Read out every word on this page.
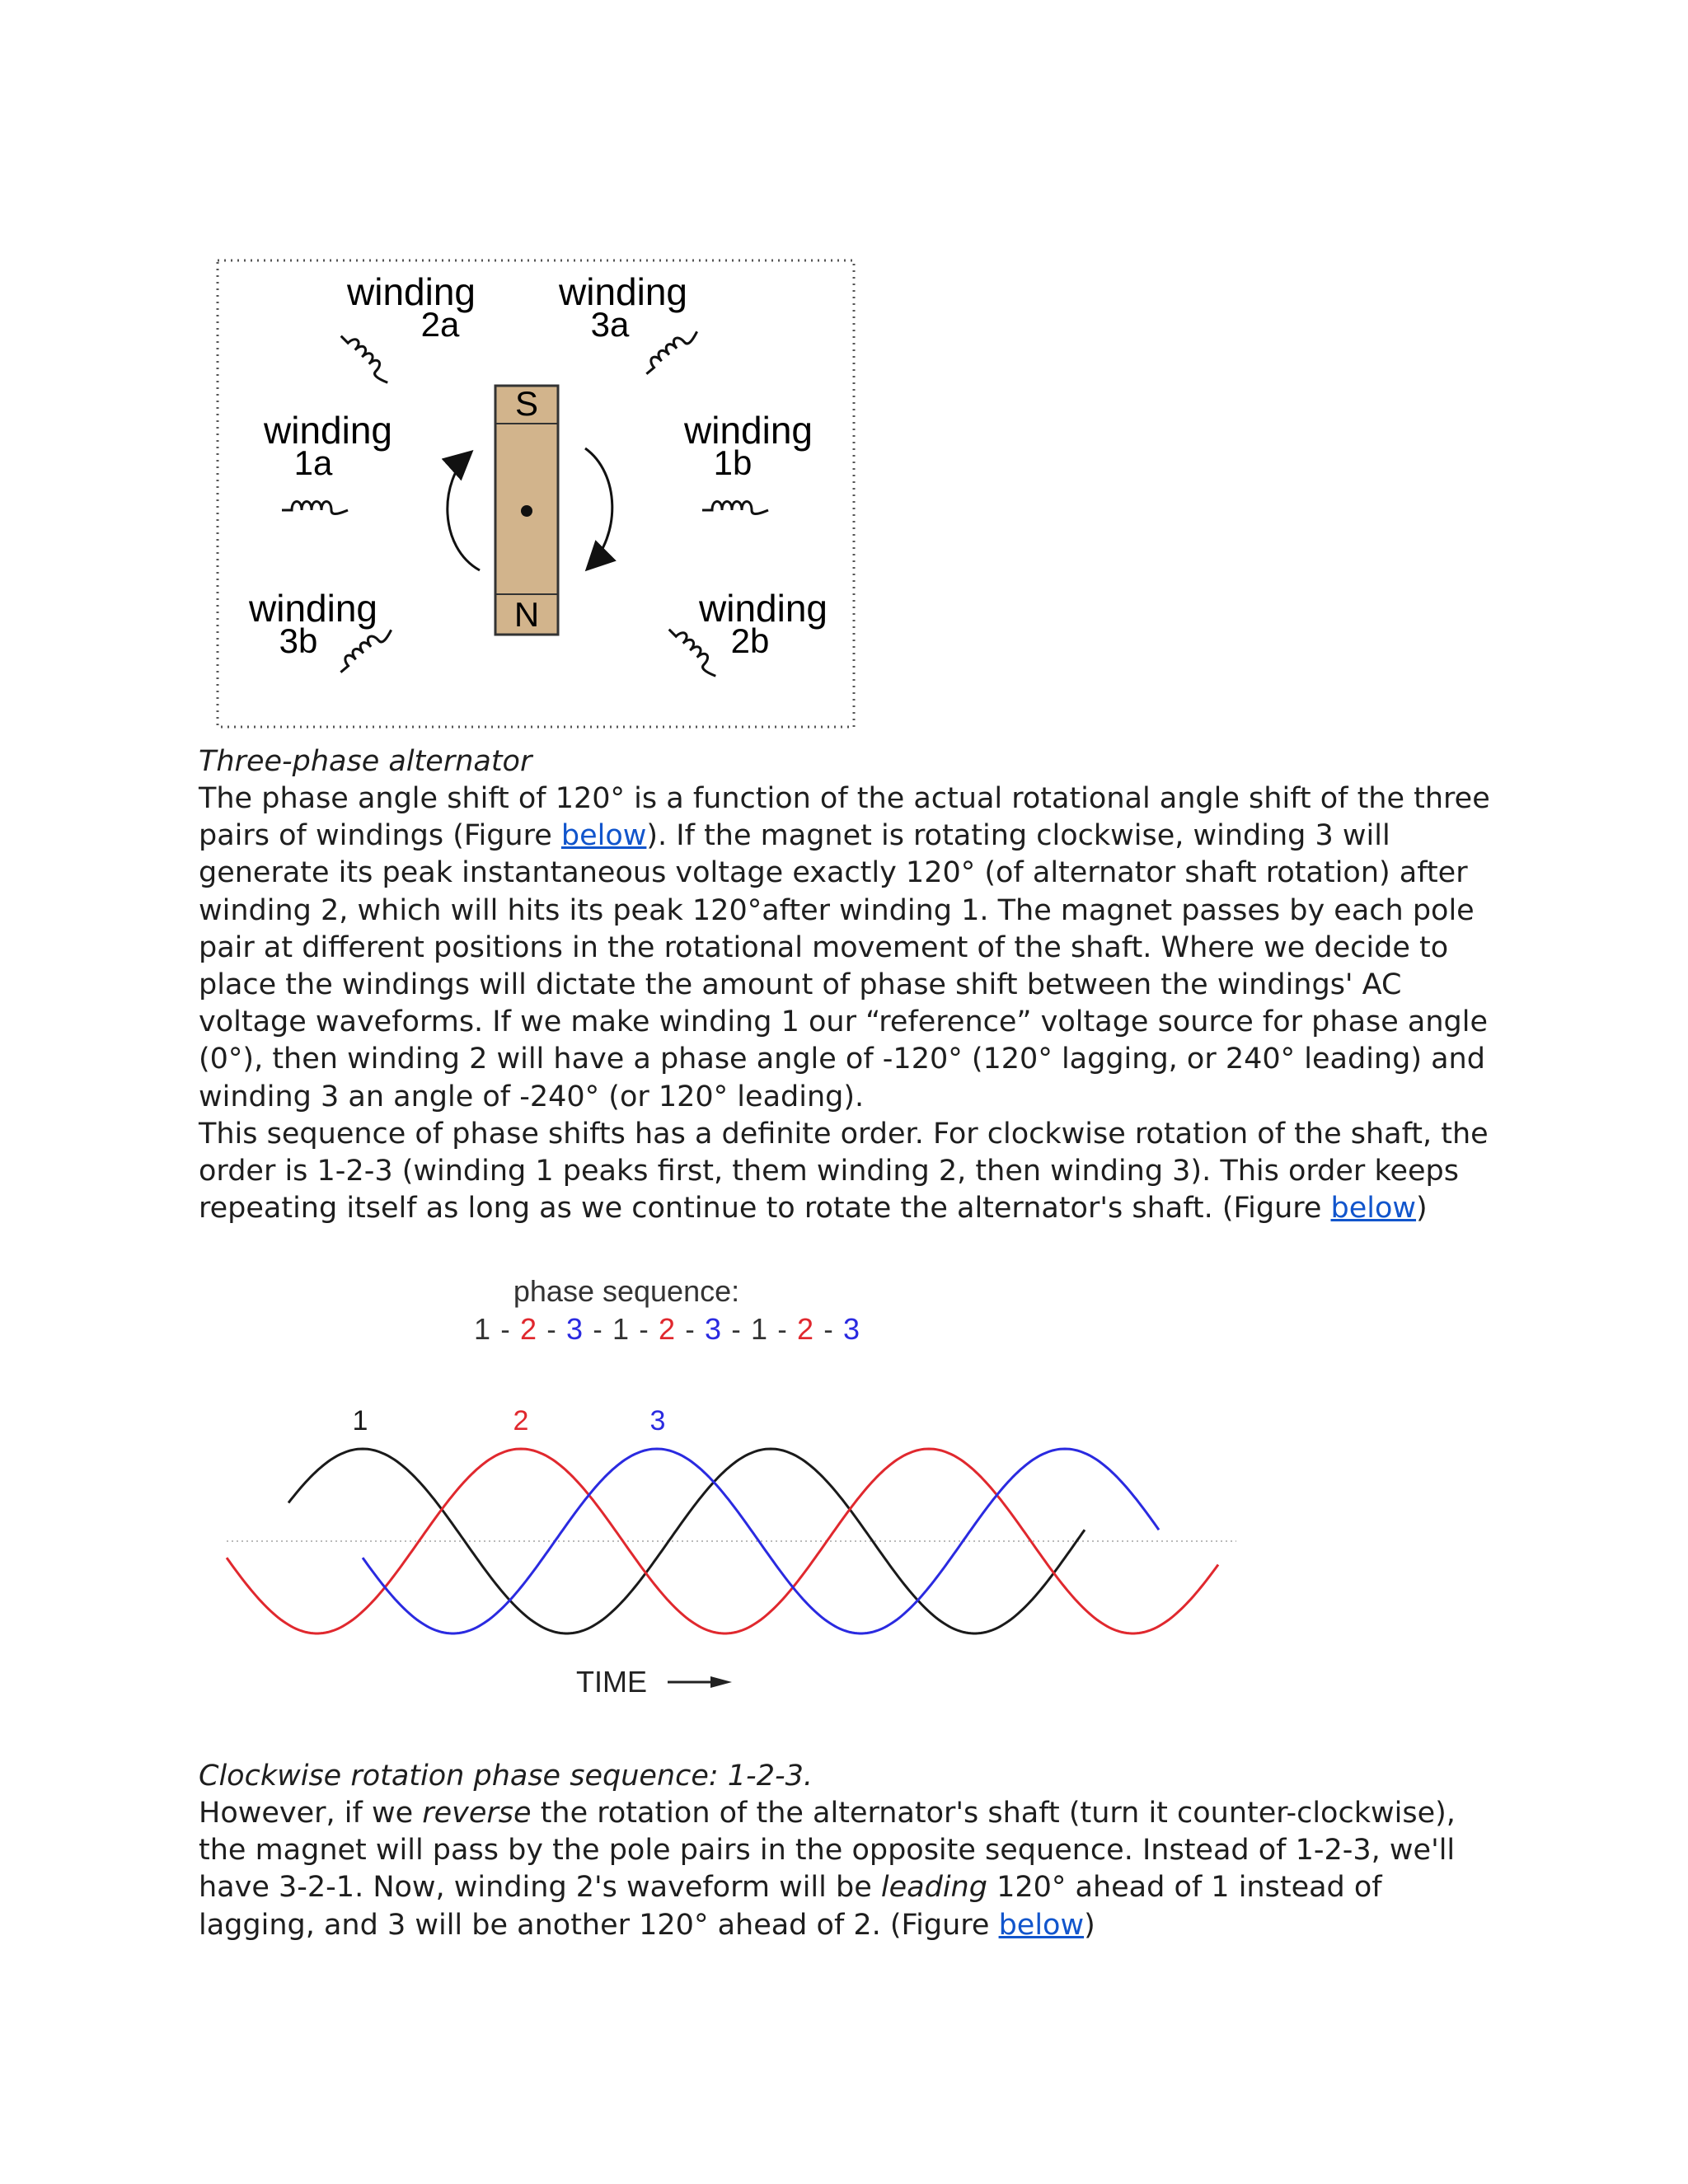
winding
2a
winding
3a
winding
1a
winding
1b
winding
3b
winding
2b
S
N
Three-phase alternator

The phase angle shift of 120° is a function of the actual rotational angle shift of the three pairs of windings (Figure below). If the magnet is rotating clockwise, winding 3 will generate its peak instantaneous voltage exactly 120° (of alternator shaft rotation) after winding 2, which will hits its peak 120°after winding 1. The magnet passes by each pole pair at different positions in the rotational movement of the shaft. Where we decide to place the windings will dictate the amount of phase shift between the windings' AC voltage waveforms. If we make winding 1 our “reference” voltage source for phase angle (0°), then winding 2 will have a phase angle of -120° (120° lagging, or 240° leading) and winding 3 an angle of -240° (or 120° leading).

This sequence of phase shifts has a definite order. For clockwise rotation of the shaft, the order is 1-2-3 (winding 1 peaks first, them winding 2, then winding 3). This order keeps repeating itself as long as we continue to rotate the alternator's shaft. (Figure below)

phase sequence:
1 - 2 - 3 - 1 - 2 - 3 - 1 - 2 - 3
1	2	3
TIME
Clockwise rotation phase sequence: 1-2-3.

However, if we reverse the rotation of the alternator's shaft (turn it counter-clockwise), the magnet will pass by the pole pairs in the opposite sequence. Instead of 1-2-3, we'll have 3-2-1. Now, winding 2's waveform will be leading 120° ahead of 1 instead of lagging, and 3 will be another 120° ahead of 2. (Figure below)
